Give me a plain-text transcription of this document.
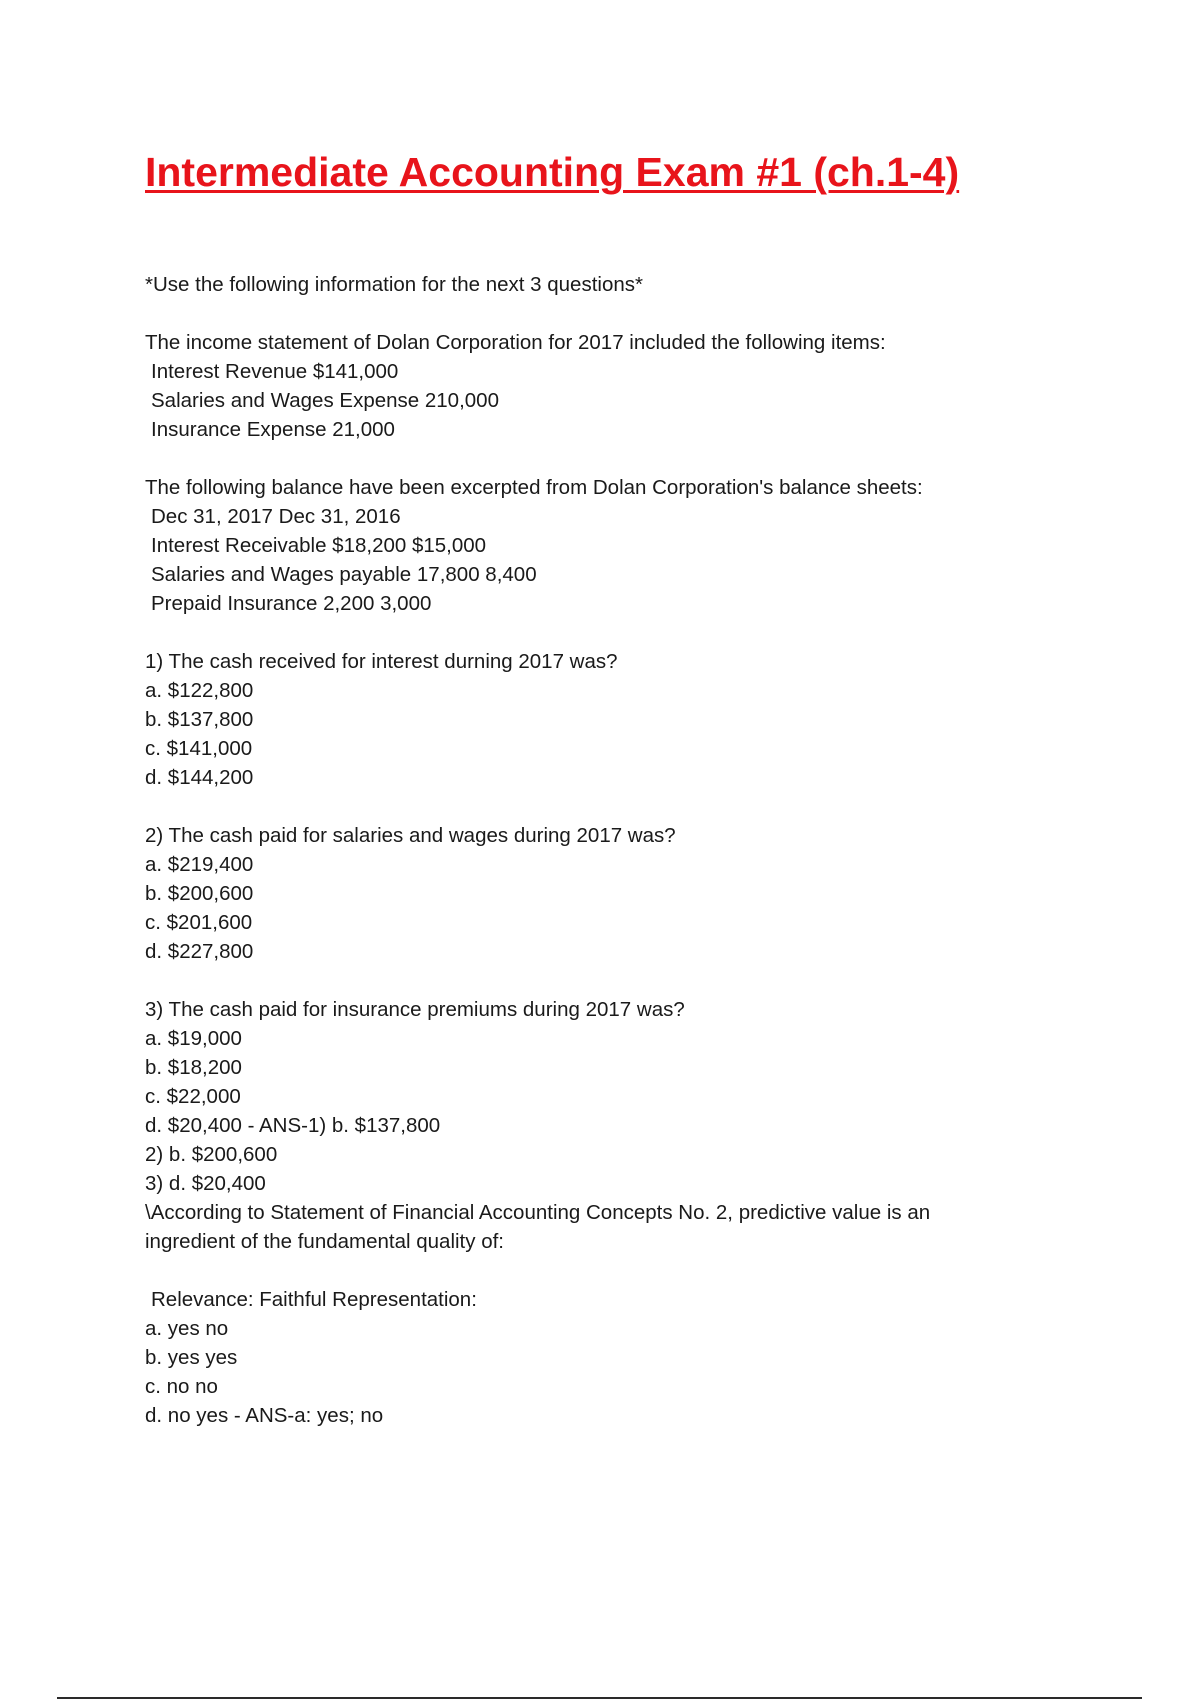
Intermediate Accounting Exam #1 (ch.1-4)
*Use the following information for the next 3 questions*
The income statement of Dolan Corporation for 2017 included the following items:
Interest Revenue $141,000
Salaries and Wages Expense 210,000
Insurance Expense 21,000
The following balance have been excerpted from Dolan Corporation's balance sheets:
Dec 31, 2017 Dec 31, 2016
Interest Receivable $18,200 $15,000
Salaries and Wages payable 17,800 8,400
Prepaid Insurance 2,200 3,000
1) The cash received for interest durning 2017 was?
a. $122,800
b. $137,800
c. $141,000
d. $144,200
2) The cash paid for salaries and wages during 2017 was?
a. $219,400
b. $200,600
c. $201,600
d. $227,800
3) The cash paid for insurance premiums during 2017 was?
a. $19,000
b. $18,200
c. $22,000
d. $20,400 - ANS-1) b. $137,800
2) b. $200,600
3) d. $20,400
\According to Statement of Financial Accounting Concepts No. 2, predictive value is an ingredient of the fundamental quality of:
Relevance: Faithful Representation:
a. yes no
b. yes yes
c. no no
d. no yes - ANS-a: yes; no
